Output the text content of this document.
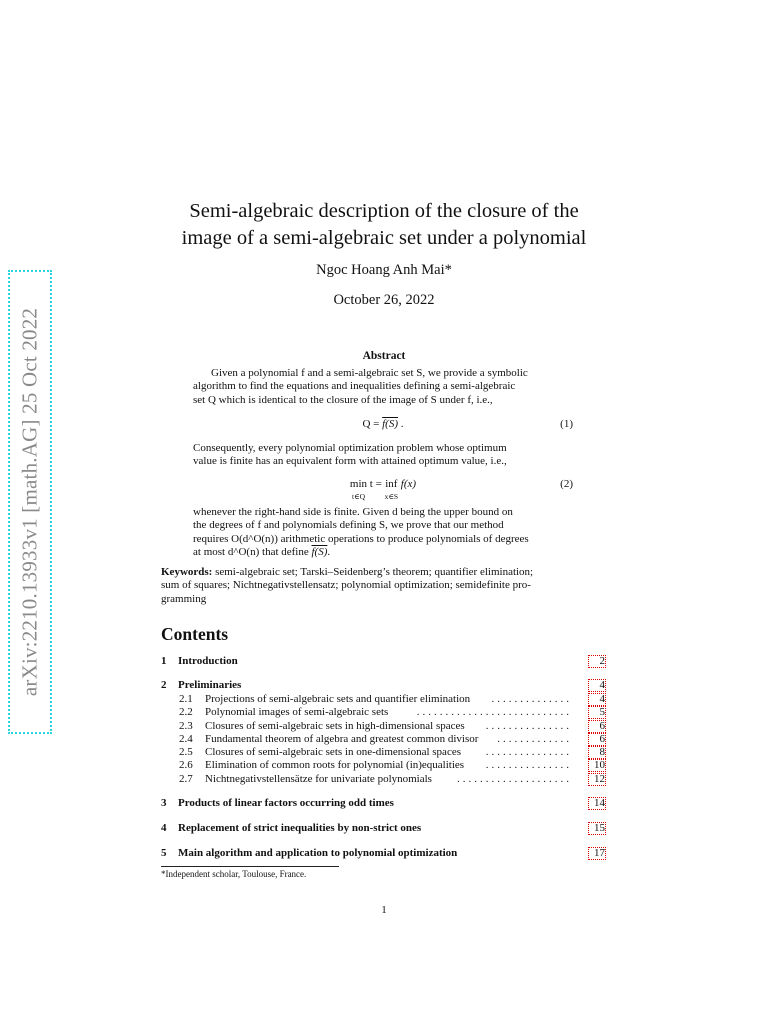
arXiv:2210.13933v1 [math.AG] 25 Oct 2022
Semi-algebraic description of the closure of the
image of a semi-algebraic set under a polynomial
Ngoc Hoang Anh Mai*
October 26, 2022
Abstract
Given a polynomial f and a semi-algebraic set S, we provide a symbolic
algorithm to find the equations and inequalities defining a semi-algebraic
set Q which is identical to the closure of the image of S under f, i.e.,
Q = f(S) .	(1)
Consequently, every polynomial optimization problem whose optimum
value is finite has an equivalent form with attained optimum value, i.e.,
min
t∈Q t = inf
x∈S f(x)	(2)
whenever the right-hand side is finite. Given d being the upper bound on
the degrees of f and polynomials defining S, we prove that our method
requires O(d^O(n)) arithmetic operations to produce polynomials of degrees
at most d^O(n) that define f(S).
Keywords: semi-algebraic set; Tarski–Seidenberg’s theorem; quantifier elimination;
sum of squares; Nichtnegativstellensatz; polynomial optimization; semidefinite pro-
gramming
Contents
1 Introduction	2
2 Preliminaries	4
2.1 Projections of semi-algebraic sets and quantifier elimination ..............	4
2.2 Polynomial images of semi-algebraic sets	...........................	5
2.3 Closures of semi-algebraic sets in high-dimensional spaces ...............	6
2.4 Fundamental theorem of algebra and greatest common divisor .............	6
2.5 Closures of semi-algebraic sets in one-dimensional spaces ...............	8
2.6 Elimination of common roots for polynomial (in)equalities ...............	10
2.7 Nichtnegativstellensätze for univariate polynomials ....................	12
3 Products of linear factors occurring odd times	14
4 Replacement of strict inequalities by non-strict ones	15
5 Main algorithm and application to polynomial optimization	17
*Independent scholar, Toulouse, France.
1
